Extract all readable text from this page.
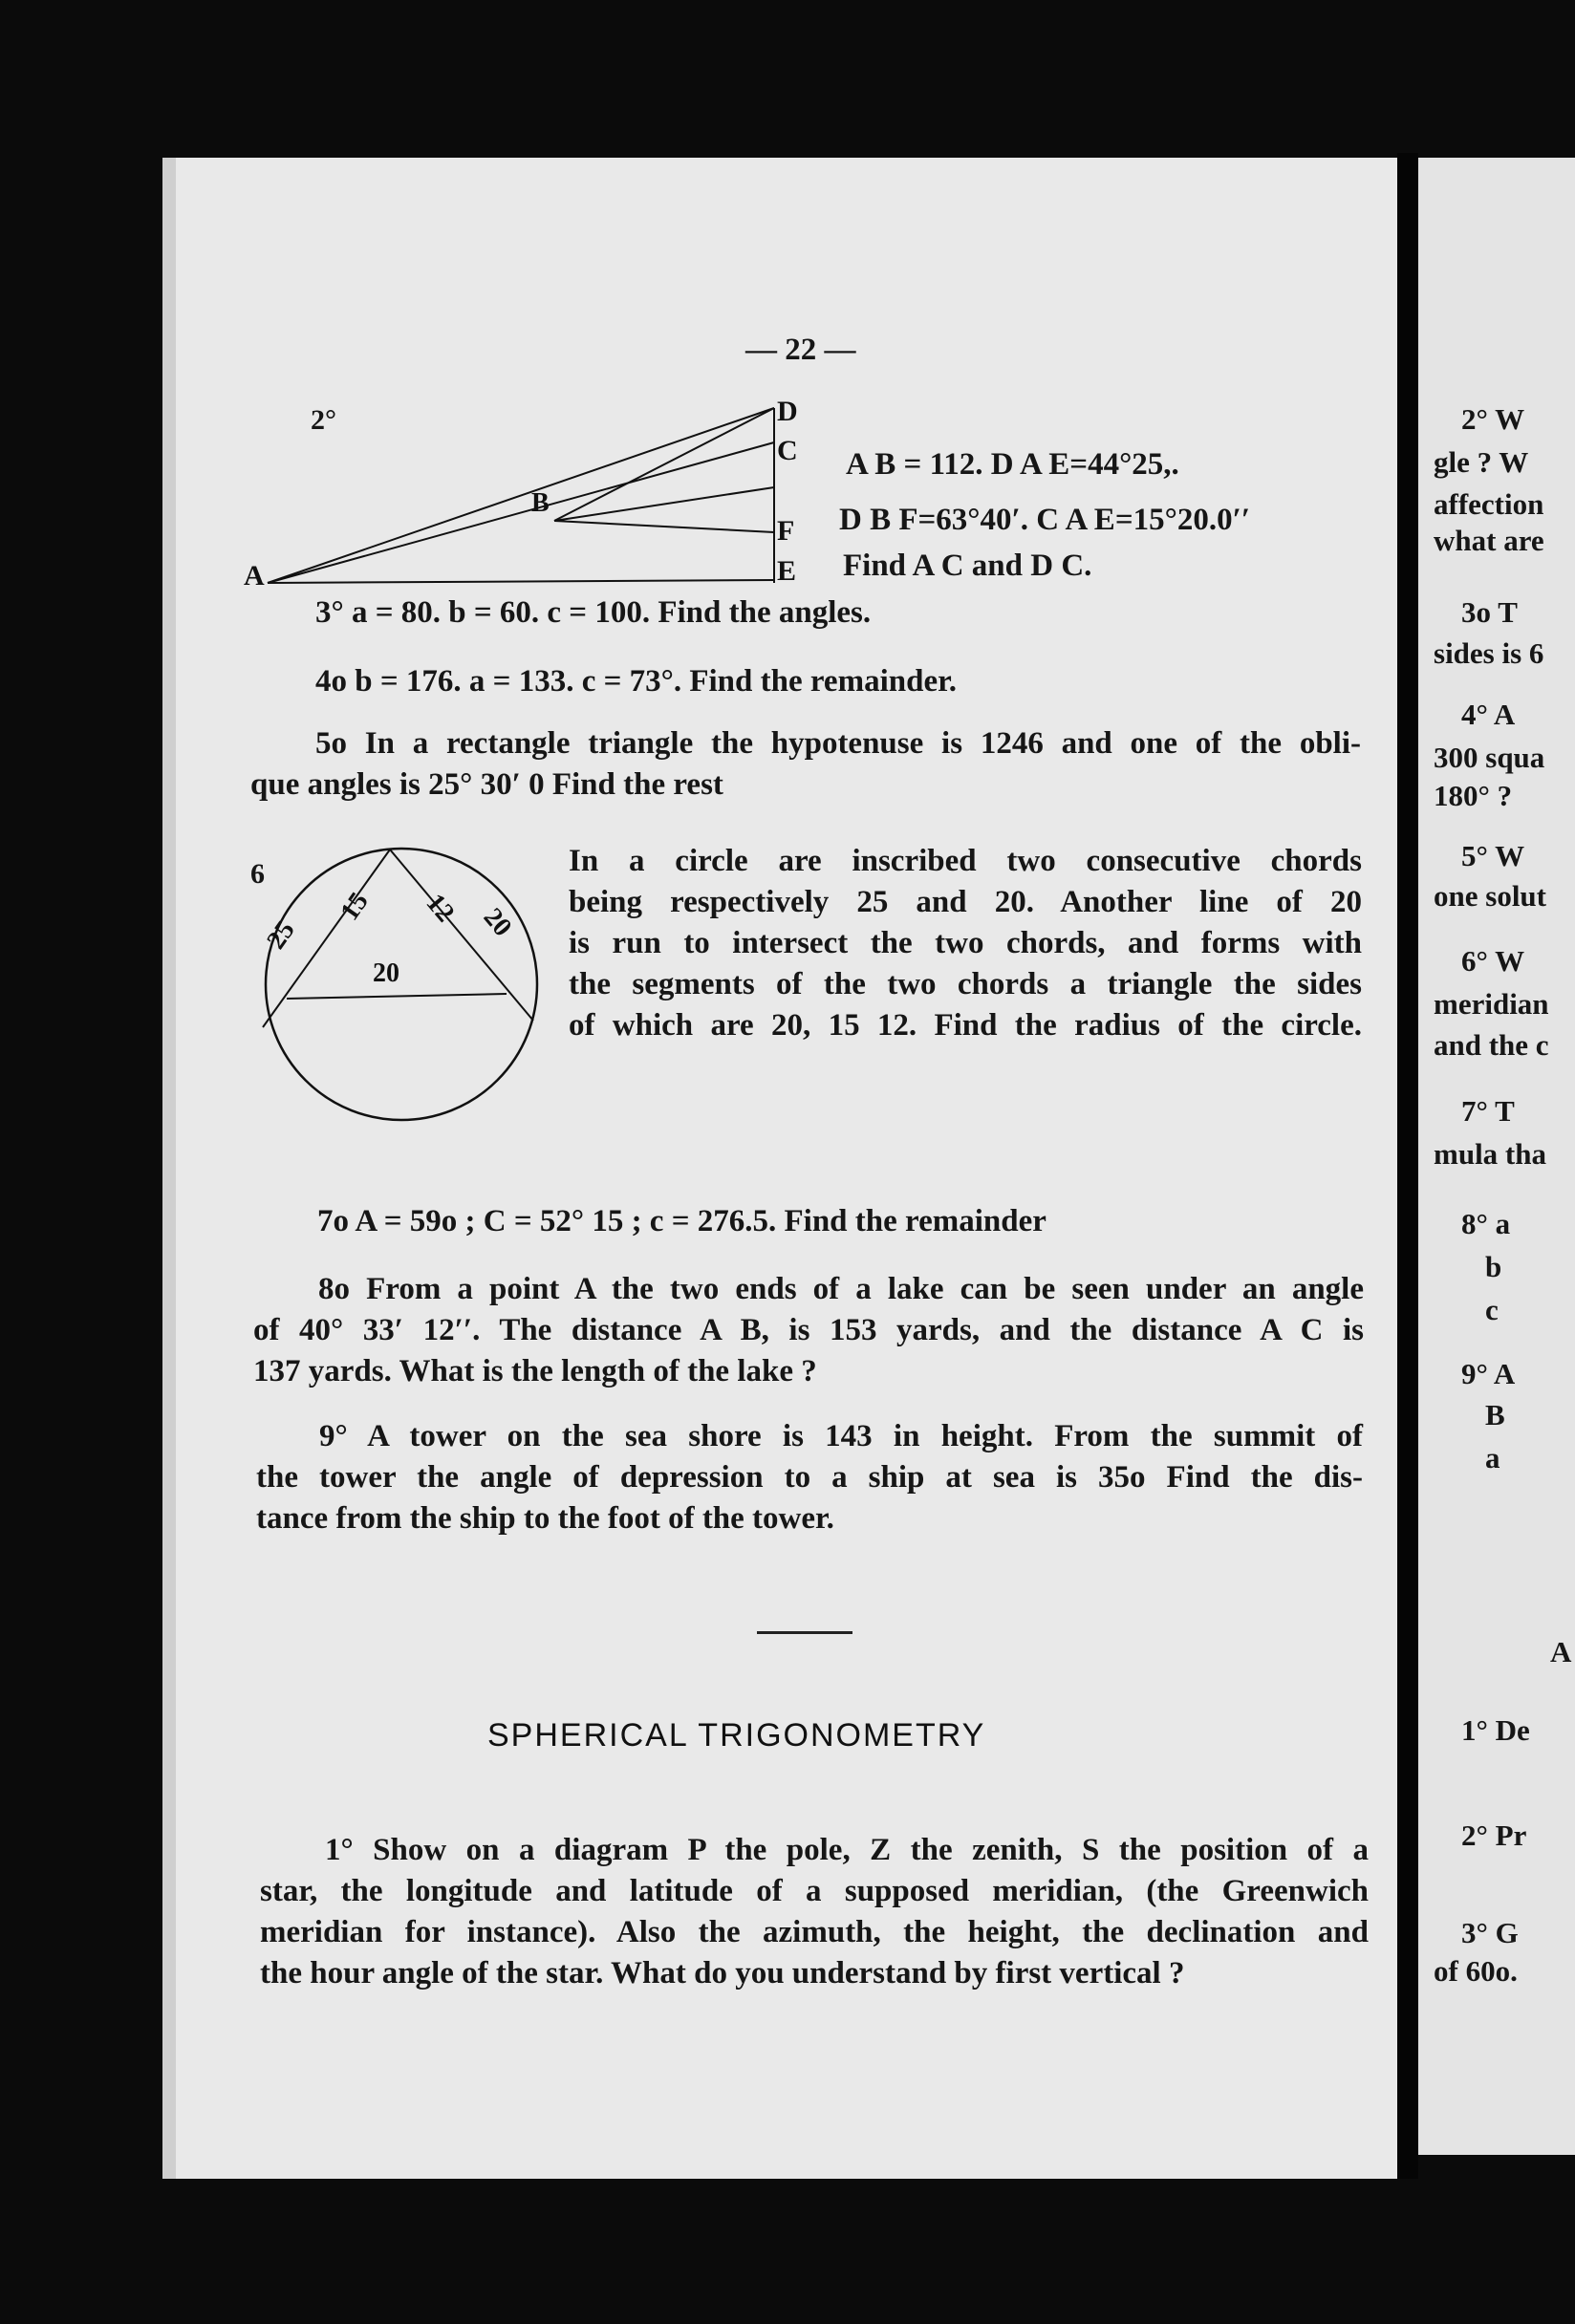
— 22 —
2°
A
B
D
C
F
E
A B = 112. D A E=44°25,.
D B F=63°40′. C A E=15°20.0′′
Find A C and D C.
3° a = 80. b = 60. c = 100. Find the angles.
4o b = 176. a = 133. c = 73°. Find the remainder.
5o In a rectangle triangle the hypotenuse is 1246 and one of the obli-
que angles is 25° 30′ 0 Find the rest
6
25
15 12 20
20
In a circle are inscribed two consecutive chords
being respectively 25 and 20. Another line of 20
is run to intersect the two chords, and forms with
the segments of the two chords a triangle the sides
of which are 20, 15 12. Find the radius of the circle.
7o A = 59o ; C = 52° 15 ; c = 276.5. Find the remainder
8o From a point A the two ends of a lake can be seen under an angle
of 40° 33′ 12′′. The distance A B, is 153 yards, and the distance A C is
137 yards. What is the length of the lake ?
9° A tower on the sea shore is 143 in height. From the summit of
the tower the angle of depression to a ship at sea is 35o Find the dis-
tance from the ship to the foot of the tower.
SPHERICAL TRIGONOMETRY
1° Show on a diagram P the pole, Z the zenith, S the position of a
star, the longitude and latitude of a supposed meridian, (the Greenwich
meridian for instance). Also the azimuth, the height, the declination and
the hour angle of the star. What do you understand by first vertical ?
2° W
gle ? W
affection
what are
3o T
sides is 6
4° A
300 squa
180° ?
5° W
one solut
6° W
meridian
and the c
7° T
mula tha
8° a
b
c
9° A
B
a
A
1° De
2° Pr
3° G
of 60o.
